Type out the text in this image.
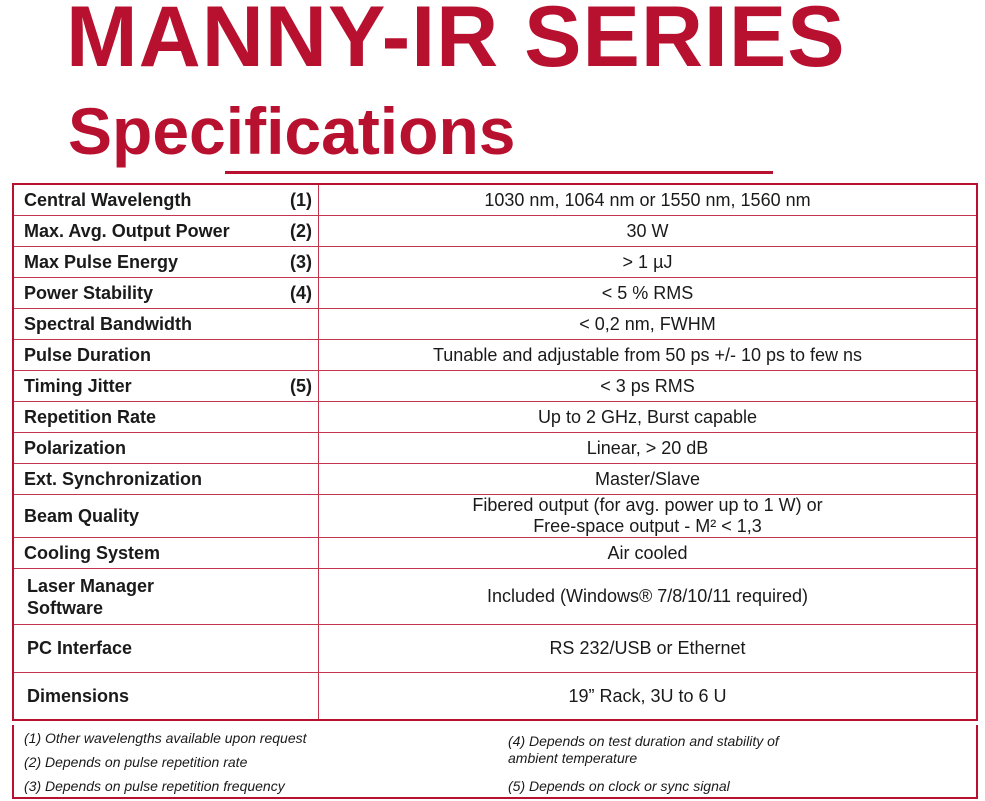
MANNY-IR SERIES
Specifications
Central Wavelength (1)	1030 nm, 1064 nm or 1550 nm, 1560 nm

Max. Avg. Output Power (2)	30 W

Max Pulse Energy (3)	> 1 µJ

Power Stability (4)	< 5 % RMS

Spectral Bandwidth	< 0,2 nm, FWHM

Pulse Duration	Tunable and adjustable from 50 ps +/- 10 ps to few ns

Timing Jitter (5)	< 3 ps RMS

Repetition Rate	Up to 2 GHz, Burst capable

Polarization	Linear, > 20 dB

Ext. Synchronization	Master/Slave

Beam Quality	Fibered output (for avg. power up to 1 W) or
Free-space output - M² < 1,3

Cooling System	Air cooled

Laser Manager
Software	Included (Windows® 7/8/10/11 required)

PC Interface	RS 232/USB or Ethernet

Dimensions	19” Rack, 3U to 6 U
(1) Other wavelengths available upon request
(2) Depends on pulse repetition rate
(3) Depends on pulse repetition frequency
(4) Depends on test duration and stability of
ambient temperature
(5) Depends on clock or sync signal
